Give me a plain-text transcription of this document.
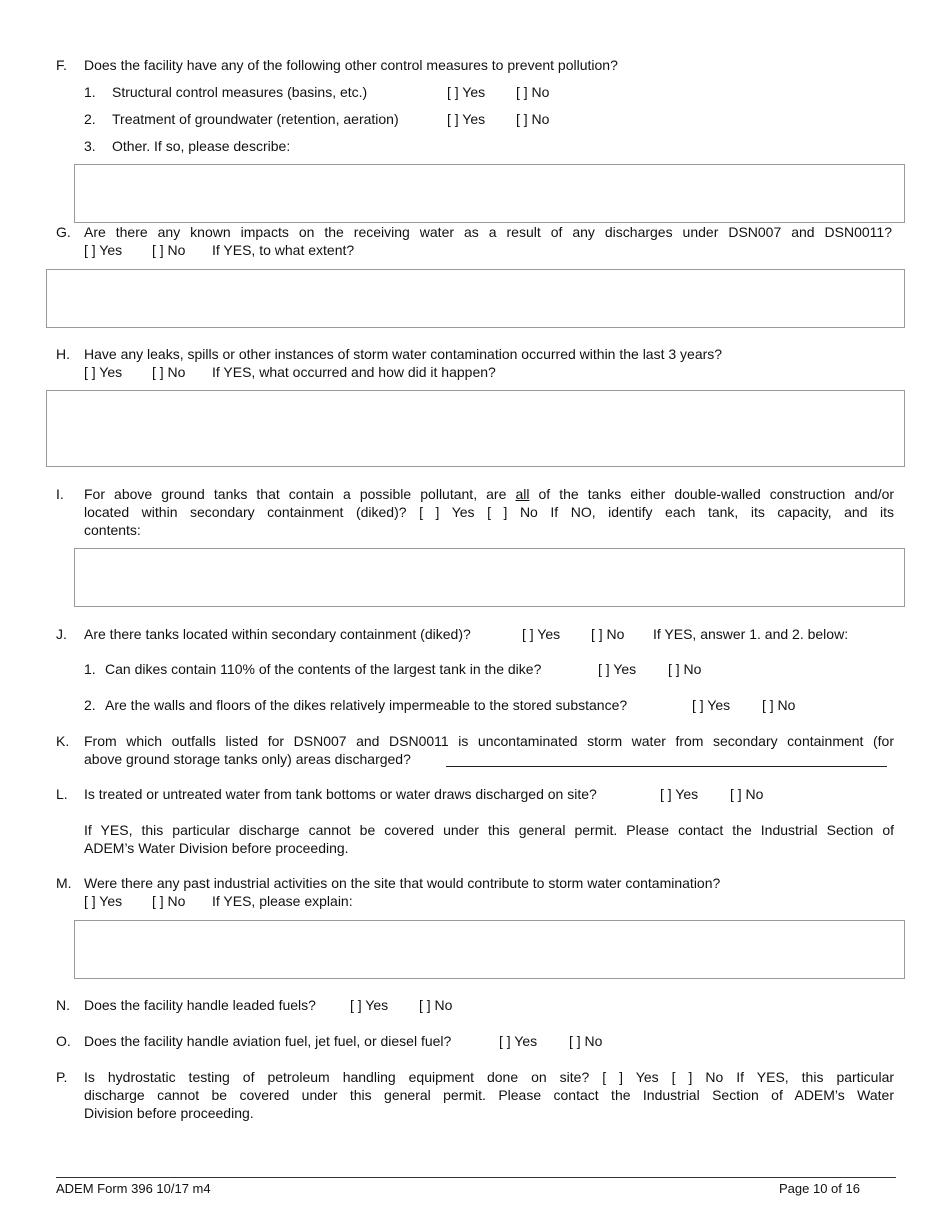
F. Does the facility have any of the following other control measures to prevent pollution?
1. Structural control measures (basins, etc.)	[ ] Yes [ ] No
2. Treatment of groundwater (retention, aeration)	[ ] Yes [ ] No
3. Other. If so, please describe:
G. Are there any known impacts on the receiving water as a result of any discharges under DSN007 and DSN0011?
[ ] Yes [ ] No If YES, to what extent?
H. Have any leaks, spills or other instances of storm water contamination occurred within the last 3 years?
[ ] Yes [ ] No If YES, what occurred and how did it happen?
I. For above ground tanks that contain a possible pollutant, are all of the tanks either double-walled construction and/or
located within secondary containment (diked)? [ ] Yes [ ] No If NO, identify each tank, its capacity, and its
contents:
J. Are there tanks located within secondary containment (diked)?	[ ] Yes [ ] No If YES, answer 1. and 2. below:
1. Can dikes contain 110% of the contents of the largest tank in the dike?	[ ] Yes [ ] No
2. Are the walls and floors of the dikes relatively impermeable to the stored substance?	[ ] Yes [ ] No
K. From which outfalls listed for DSN007 and DSN0011 is uncontaminated storm water from secondary containment (for
above ground storage tanks only) areas discharged?
L. Is treated or untreated water from tank bottoms or water draws discharged on site?	[ ] Yes [ ] No
If YES, this particular discharge cannot be covered under this general permit. Please contact the Industrial Section of
ADEM’s Water Division before proceeding.
M. Were there any past industrial activities on the site that would contribute to storm water contamination?
[ ] Yes [ ] No If YES, please explain:
N. Does the facility handle leaded fuels? [ ] Yes [ ] No
O. Does the facility handle aviation fuel, jet fuel, or diesel fuel?	[ ] Yes [ ] No
P. Is hydrostatic testing of petroleum handling equipment done on site? [ ] Yes [ ] No If YES, this particular
discharge cannot be covered under this general permit. Please contact the Industrial Section of ADEM’s Water
Division before proceeding.
ADEM Form 396 10/17 m4	Page 10 of 16
